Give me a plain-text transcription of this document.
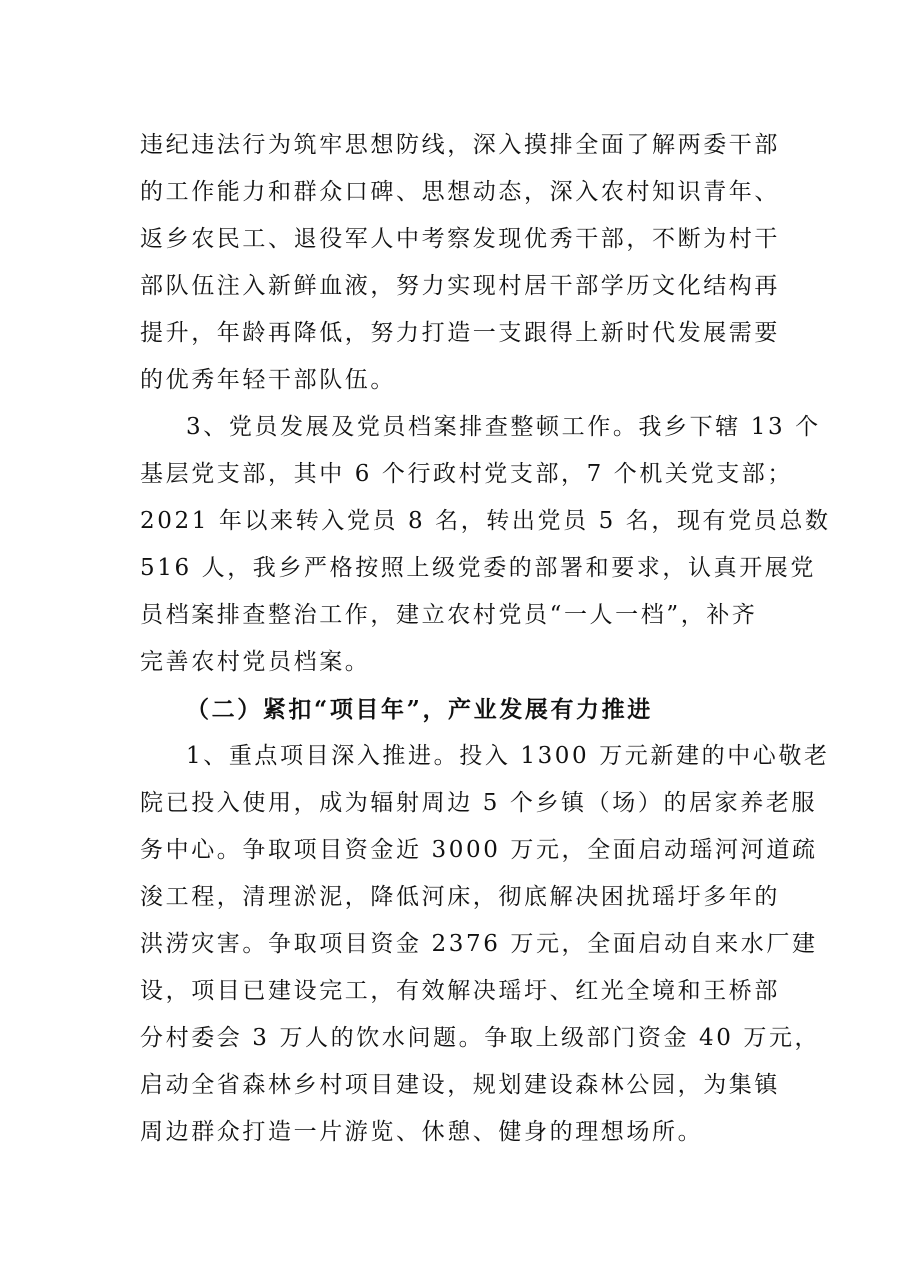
违纪违法行为筑牢思想防线，深入摸排全面了解两委干部
的工作能力和群众口碑、思想动态，深入农村知识青年、
返乡农民工、退役军人中考察发现优秀干部，不断为村干
部队伍注入新鲜血液，努力实现村居干部学历文化结构再
提升，年龄再降低，努力打造一支跟得上新时代发展需要
的优秀年轻干部队伍。
3、党员发展及党员档案排查整顿工作。我乡下辖 13 个
基层党支部，其中 6 个行政村党支部，7 个机关党支部；
2021 年以来转入党员 8 名，转出党员 5 名，现有党员总数
516 人，我乡严格按照上级党委的部署和要求，认真开展党
员档案排查整治工作，建立农村党员“一人一档”，补齐
完善农村党员档案。
（二）紧扣“项目年”，产业发展有力推进
1、重点项目深入推进。投入 1300 万元新建的中心敬老
院已投入使用，成为辐射周边 5 个乡镇（场）的居家养老服
务中心。争取项目资金近 3000 万元，全面启动瑶河河道疏
浚工程，清理淤泥，降低河床，彻底解决困扰瑶圩多年的
洪涝灾害。争取项目资金 2376 万元，全面启动自来水厂建
设，项目已建设完工，有效解决瑶圩、红光全境和王桥部
分村委会 3 万人的饮水问题。争取上级部门资金 40 万元，
启动全省森林乡村项目建设，规划建设森林公园，为集镇
周边群众打造一片游览、休憩、健身的理想场所。
